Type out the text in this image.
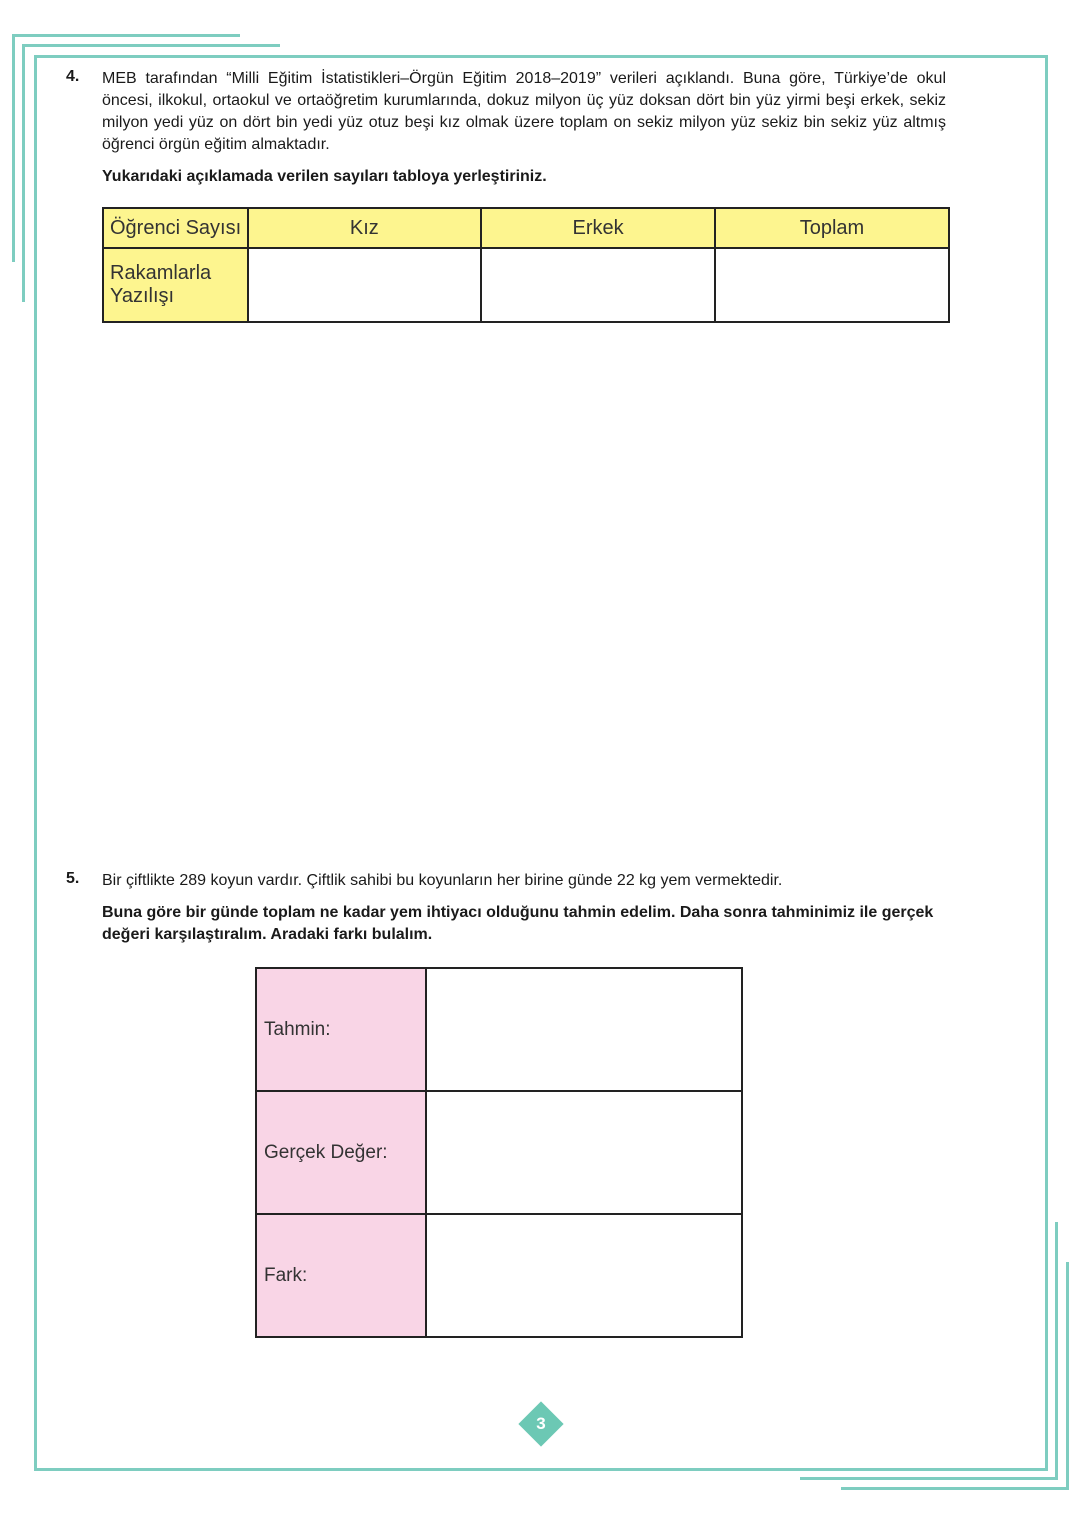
4. MEB tarafından “Milli Eğitim İstatistikleri–Örgün Eğitim 2018–2019” verileri açıklandı. Buna göre, Türkiye’de okul öncesi, ilkokul, ortaokul ve ortaöğretim kurumlarında, dokuz milyon üç yüz doksan dört bin yüz yirmi beşi erkek, sekiz milyon yedi yüz on dört bin yedi yüz otuz beşi kız olmak üzere toplam on sekiz milyon yüz sekiz bin sekiz yüz altmış öğrenci örgün eğitim almaktadır.
Yukarıdaki açıklamada verilen sayıları tabloya yerleştiriniz.
Öğrenci Sayısı	Kız	Erkek	Toplam
Rakamlarla Yazılışı			
5. Bir çiftlikte 289 koyun vardır. Çiftlik sahibi bu koyunların her birine günde 22 kg yem vermektedir.
Buna göre bir günde toplam ne kadar yem ihtiyacı olduğunu tahmin edelim. Daha sonra tahminimiz ile gerçek değeri karşılaştıralım. Aradaki farkı bulalım.
Tahmin:	
Gerçek Değer:	
Fark:	
3
